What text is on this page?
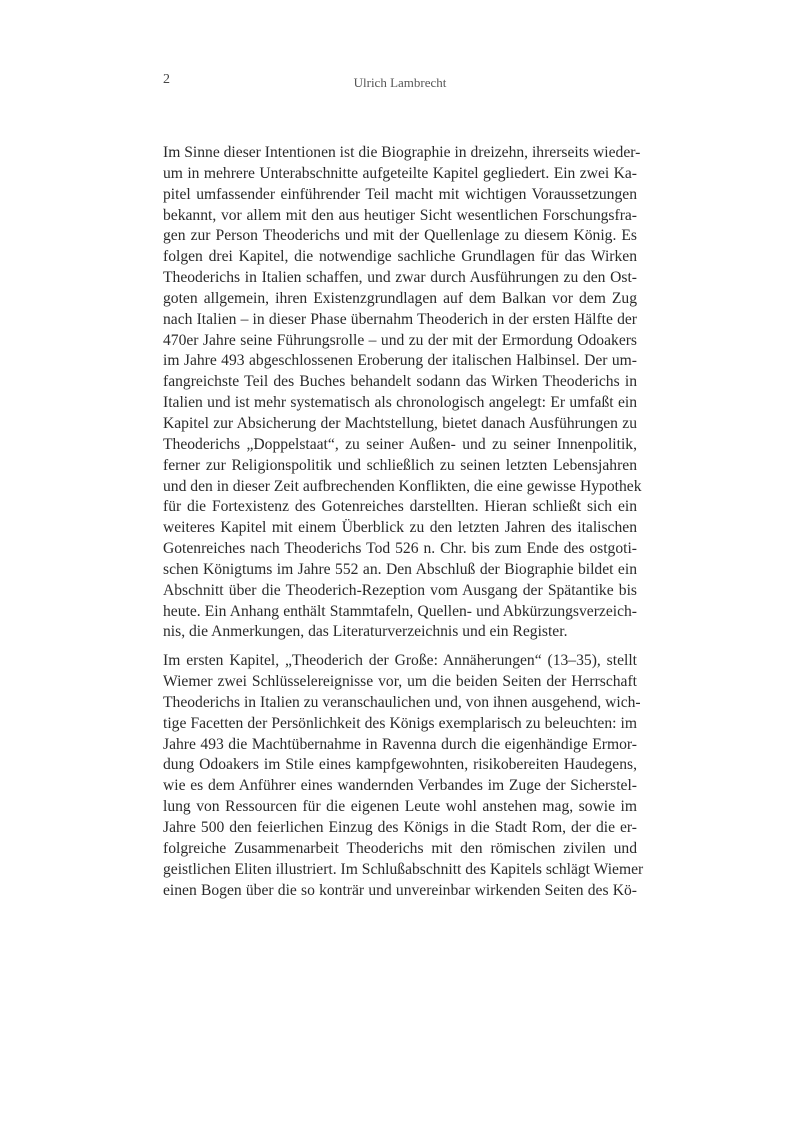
2	Ulrich Lambrecht

Im Sinne dieser Intentionen ist die Biographie in dreizehn, ihrerseits wieder-
um in mehrere Unterabschnitte aufgeteilte Kapitel gegliedert. Ein zwei Ka-
pitel umfassender einführender Teil macht mit wichtigen Voraussetzungen
bekannt, vor allem mit den aus heutiger Sicht wesentlichen Forschungsfra-
gen zur Person Theoderichs und mit der Quellenlage zu diesem König. Es
folgen drei Kapitel, die notwendige sachliche Grundlagen für das Wirken
Theoderichs in Italien schaffen, und zwar durch Ausführungen zu den Ost-
goten allgemein, ihren Existenzgrundlagen auf dem Balkan vor dem Zug
nach Italien – in dieser Phase übernahm Theoderich in der ersten Hälfte der
470er Jahre seine Führungsrolle – und zu der mit der Ermordung Odoakers
im Jahre 493 abgeschlossenen Eroberung der italischen Halbinsel. Der um-
fangreichste Teil des Buches behandelt sodann das Wirken Theoderichs in
Italien und ist mehr systematisch als chronologisch angelegt: Er umfaßt ein
Kapitel zur Absicherung der Machtstellung, bietet danach Ausführungen zu
Theoderichs „Doppelstaat“, zu seiner Außen- und zu seiner Innenpolitik,
ferner zur Religionspolitik und schließlich zu seinen letzten Lebensjahren
und den in dieser Zeit aufbrechenden Konflikten, die eine gewisse Hypothek
für die Fortexistenz des Gotenreiches darstellten. Hieran schließt sich ein
weiteres Kapitel mit einem Überblick zu den letzten Jahren des italischen
Gotenreiches nach Theoderichs Tod 526 n. Chr. bis zum Ende des ostgoti-
schen Königtums im Jahre 552 an. Den Abschluß der Biographie bildet ein
Abschnitt über die Theoderich-Rezeption vom Ausgang der Spätantike bis
heute. Ein Anhang enthält Stammtafeln, Quellen- und Abkürzungsverzeich-
nis, die Anmerkungen, das Literaturverzeichnis und ein Register.

Im ersten Kapitel, „Theoderich der Große: Annäherungen“ (13–35), stellt
Wiemer zwei Schlüsselereignisse vor, um die beiden Seiten der Herrschaft
Theoderichs in Italien zu veranschaulichen und, von ihnen ausgehend, wich-
tige Facetten der Persönlichkeit des Königs exemplarisch zu beleuchten: im
Jahre 493 die Machtübernahme in Ravenna durch die eigenhändige Ermor-
dung Odoakers im Stile eines kampfgewohnten, risikobereiten Haudegens,
wie es dem Anführer eines wandernden Verbandes im Zuge der Sicherstel-
lung von Ressourcen für die eigenen Leute wohl anstehen mag, sowie im
Jahre 500 den feierlichen Einzug des Königs in die Stadt Rom, der die er-
folgreiche Zusammenarbeit Theoderichs mit den römischen zivilen und
geistlichen Eliten illustriert. Im Schlußabschnitt des Kapitels schlägt Wiemer
einen Bogen über die so konträr und unvereinbar wirkenden Seiten des Kö-
